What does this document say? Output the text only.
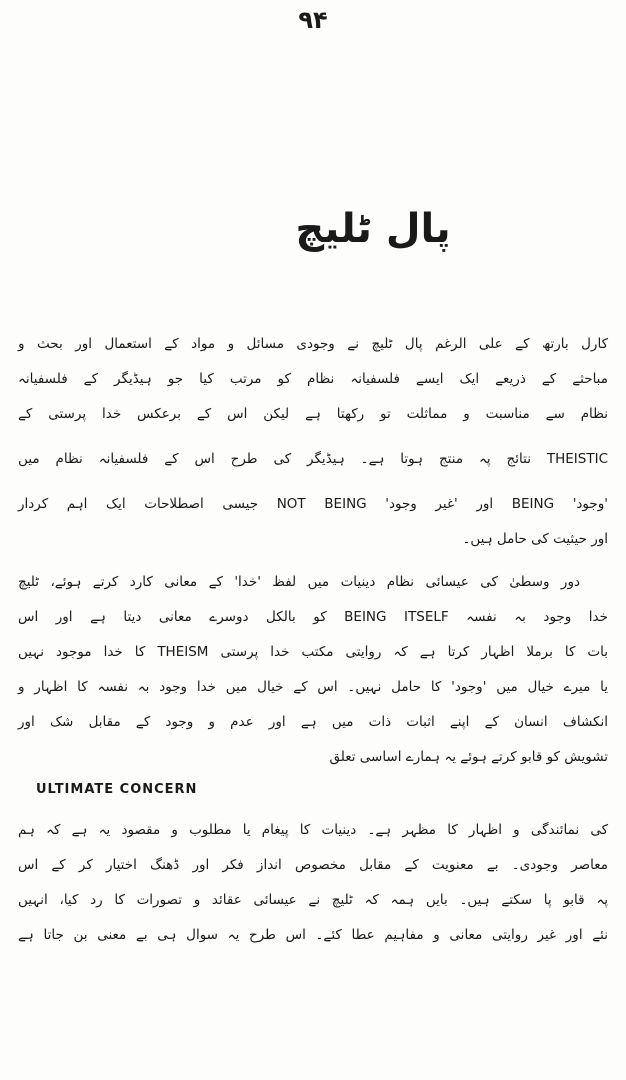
۹۴
پال ٹلیچ
کارل بارتھ کے علی الرغم پال ٹلیچ نے وجودی مسائل و مواد کے استعمال اور بحث و
مباحثے کے ذریعے ایک ایسے فلسفیانہ نظام کو مرتب کیا جو ہیڈیگر کے فلسفیانہ
نظام سے مناسبت و مماثلت تو رکھتا ہے لیکن اس کے برعکس خدا پرستی کے
THEISTIC نتائج پہ منتج ہوتا ہے۔ ہیڈیگر کی طرح اس کے فلسفیانہ نظام میں
'وجود' BEING اور 'غیر وجود' NOT BEING جیسی اصطلاحات ایک اہم کردار
اور حیثیت کی حامل ہیں۔
دور وسطیٰ کی عیسائی نظام دینیات میں لفظ 'خدا' کے معانی کارد کرتے ہوئے، ٹلیچ
خدا وجود بہ نفسہ BEING ITSELF کو بالکل دوسرے معانی دیتا ہے اور اس
بات کا برملا اظہار کرتا ہے کہ روایتی مکتب خدا پرستی THEISM کا خدا موجود نہیں
یا میرے خیال میں 'وجود' کا حامل نہیں۔ اس کے خیال میں خدا وجود بہ نفسہ کا اظہار و
انکشاف انسان کے اپنے اثبات ذات میں ہے اور عدم و وجود کے مقابل شک اور
تشویش کو قابو کرتے ہوئے یہ ہمارے اساسی تعلق
ULTIMATE CONCERN
کی نمائندگی و اظہار کا مظہر ہے۔ دینیات کا پیغام یا مطلوب و مقصود یہ ہے کہ ہم
معاصر وجودی۔ بے معنویت کے مقابل مخصوص انداز فکر اور ڈھنگ اختیار کر کے اس
پہ قابو پا سکتے ہیں۔ بایں ہمہ کہ ٹلیچ نے عیسائی عقائد و تصورات کا رد کیا، انہیں
نئے اور غیر روایتی معانی و مفاہیم عطا کئے۔ اس طرح یہ سوال ہی بے معنی بن جاتا ہے
